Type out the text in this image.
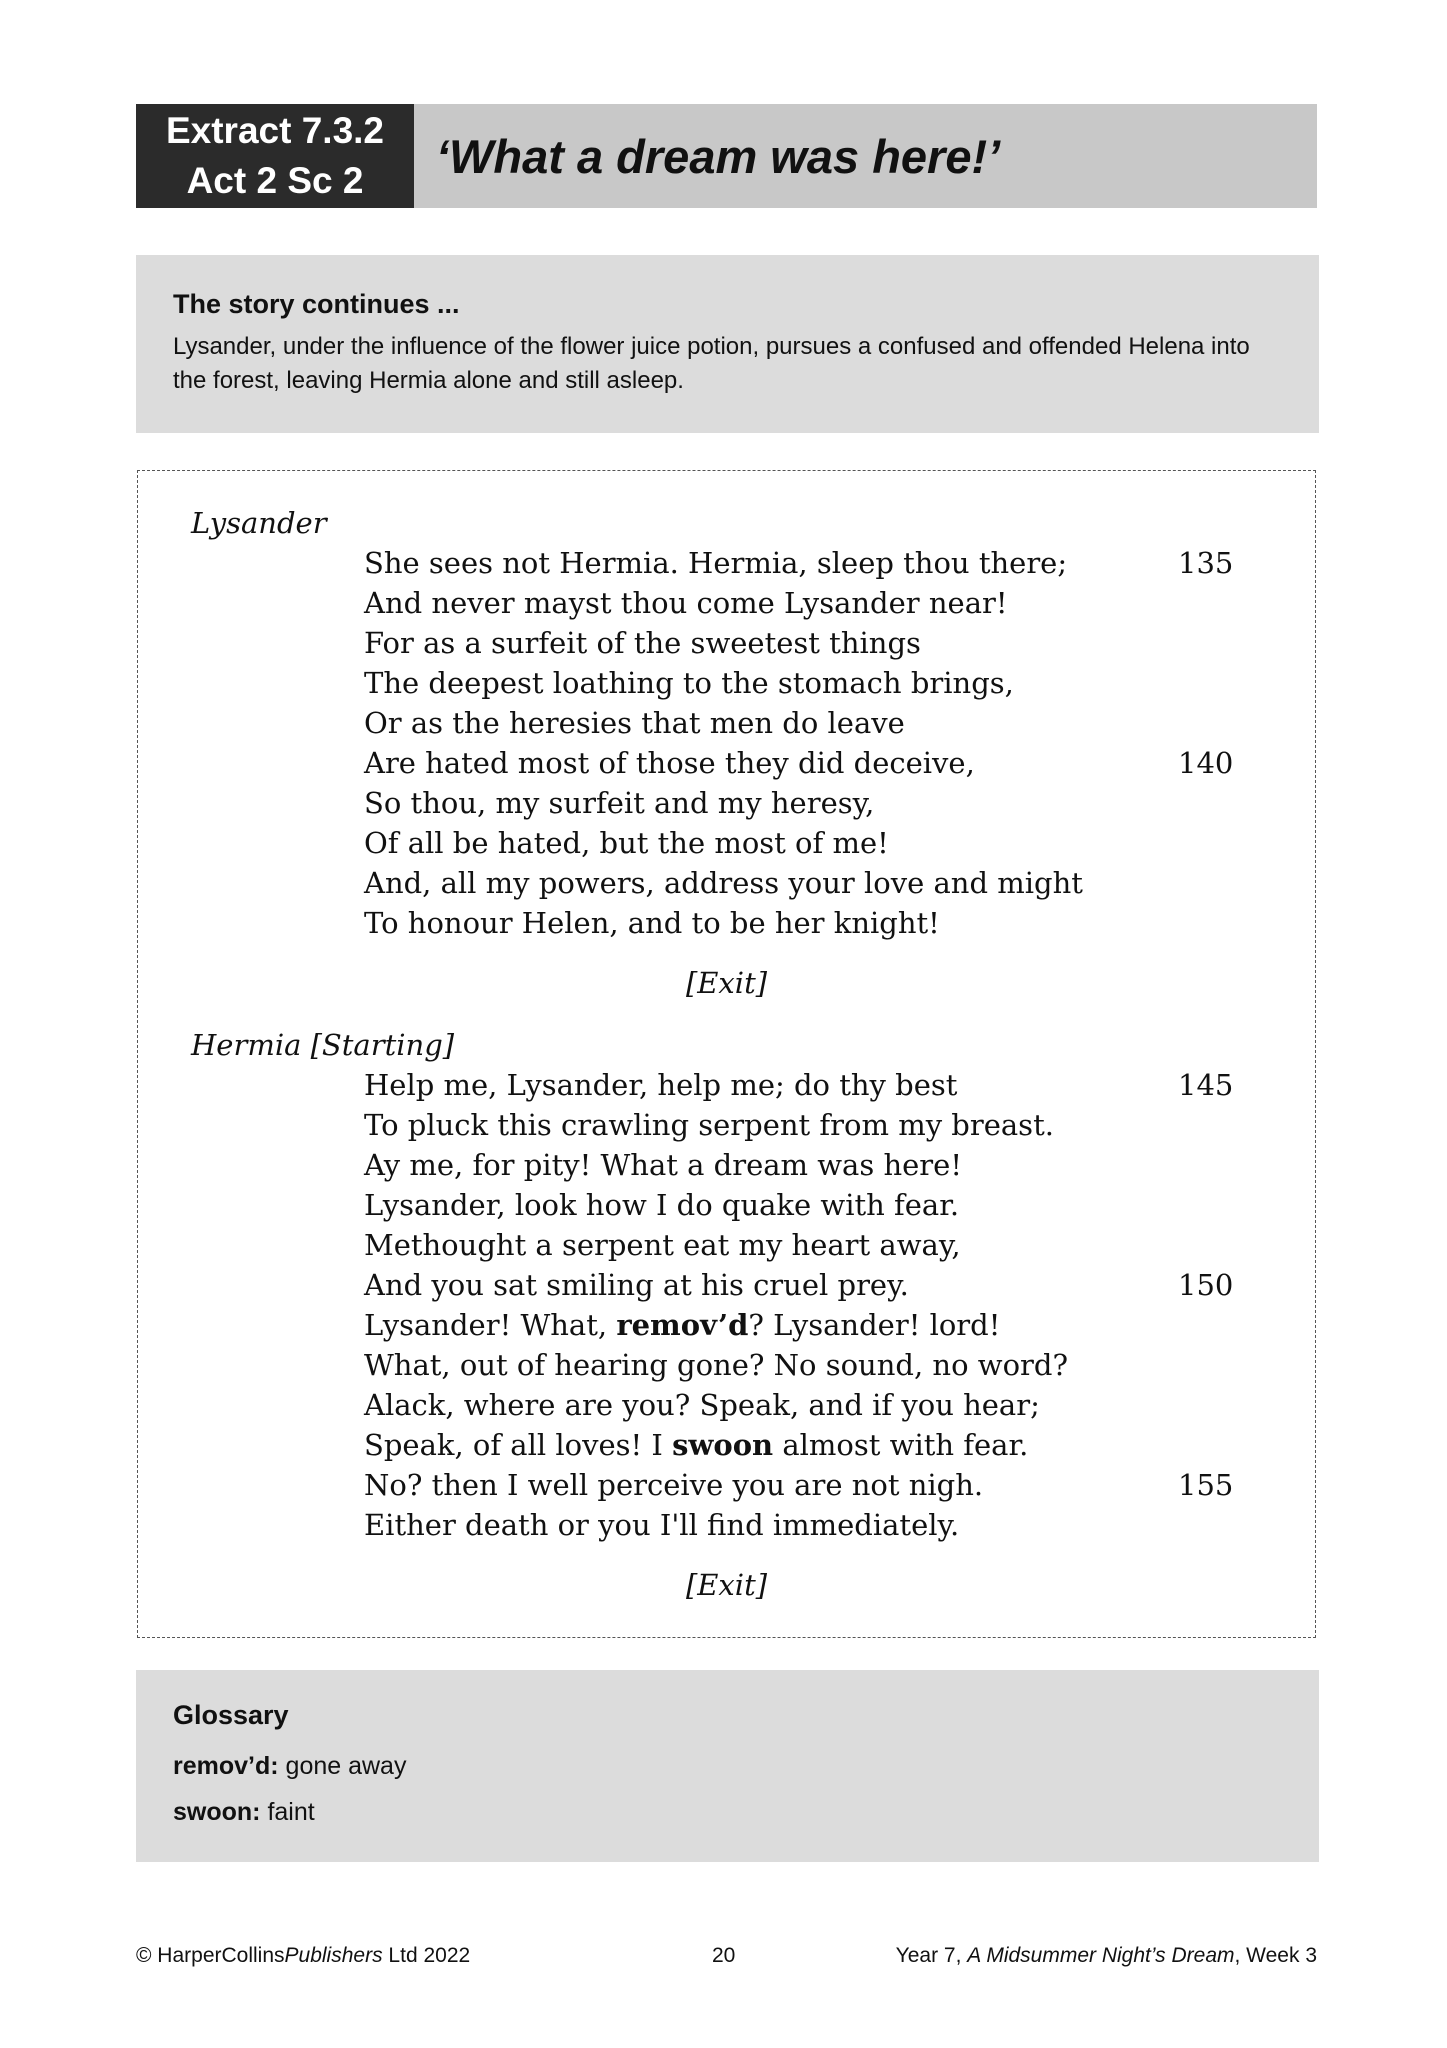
Extract 7.3.2
Act 2 Sc 2 ‘What a dream was here!’
The story continues ...

Lysander, under the influence of the flower juice potion, pursues a confused and offended Helena into the forest, leaving Hermia alone and still asleep.

Lysander
She sees not Hermia. Hermia, sleep thou there;
And never mayst thou come Lysander near!
For as a surfeit of the sweetest things
The deepest loathing to the stomach brings,
Or as the heresies that men do leave
Are hated most of those they did deceive,
So thou, my surfeit and my heresy,
Of all be hated, but the most of me!
And, all my powers, address your love and might
To honour Helen, and to be her knight!
135
140
[Exit]
Hermia [Starting]
Help me, Lysander, help me; do thy best
To pluck this crawling serpent from my breast.
Ay me, for pity! What a dream was here!
Lysander, look how I do quake with fear.
Methought a serpent eat my heart away,
And you sat smiling at his cruel prey.
Lysander! What, remov’d? Lysander! lord!
What, out of hearing gone? No sound, no word?
Alack, where are you? Speak, and if you hear;
Speak, of all loves! I swoon almost with fear.
No? then I well perceive you are not nigh.
Either death or you I'll find immediately.
145
150
155
[Exit]
Glossary
remov’d: gone away
swoon: faint
© HarperCollinsPublishers Ltd 2022	20	Year 7, A Midsummer Night’s Dream, Week 3
